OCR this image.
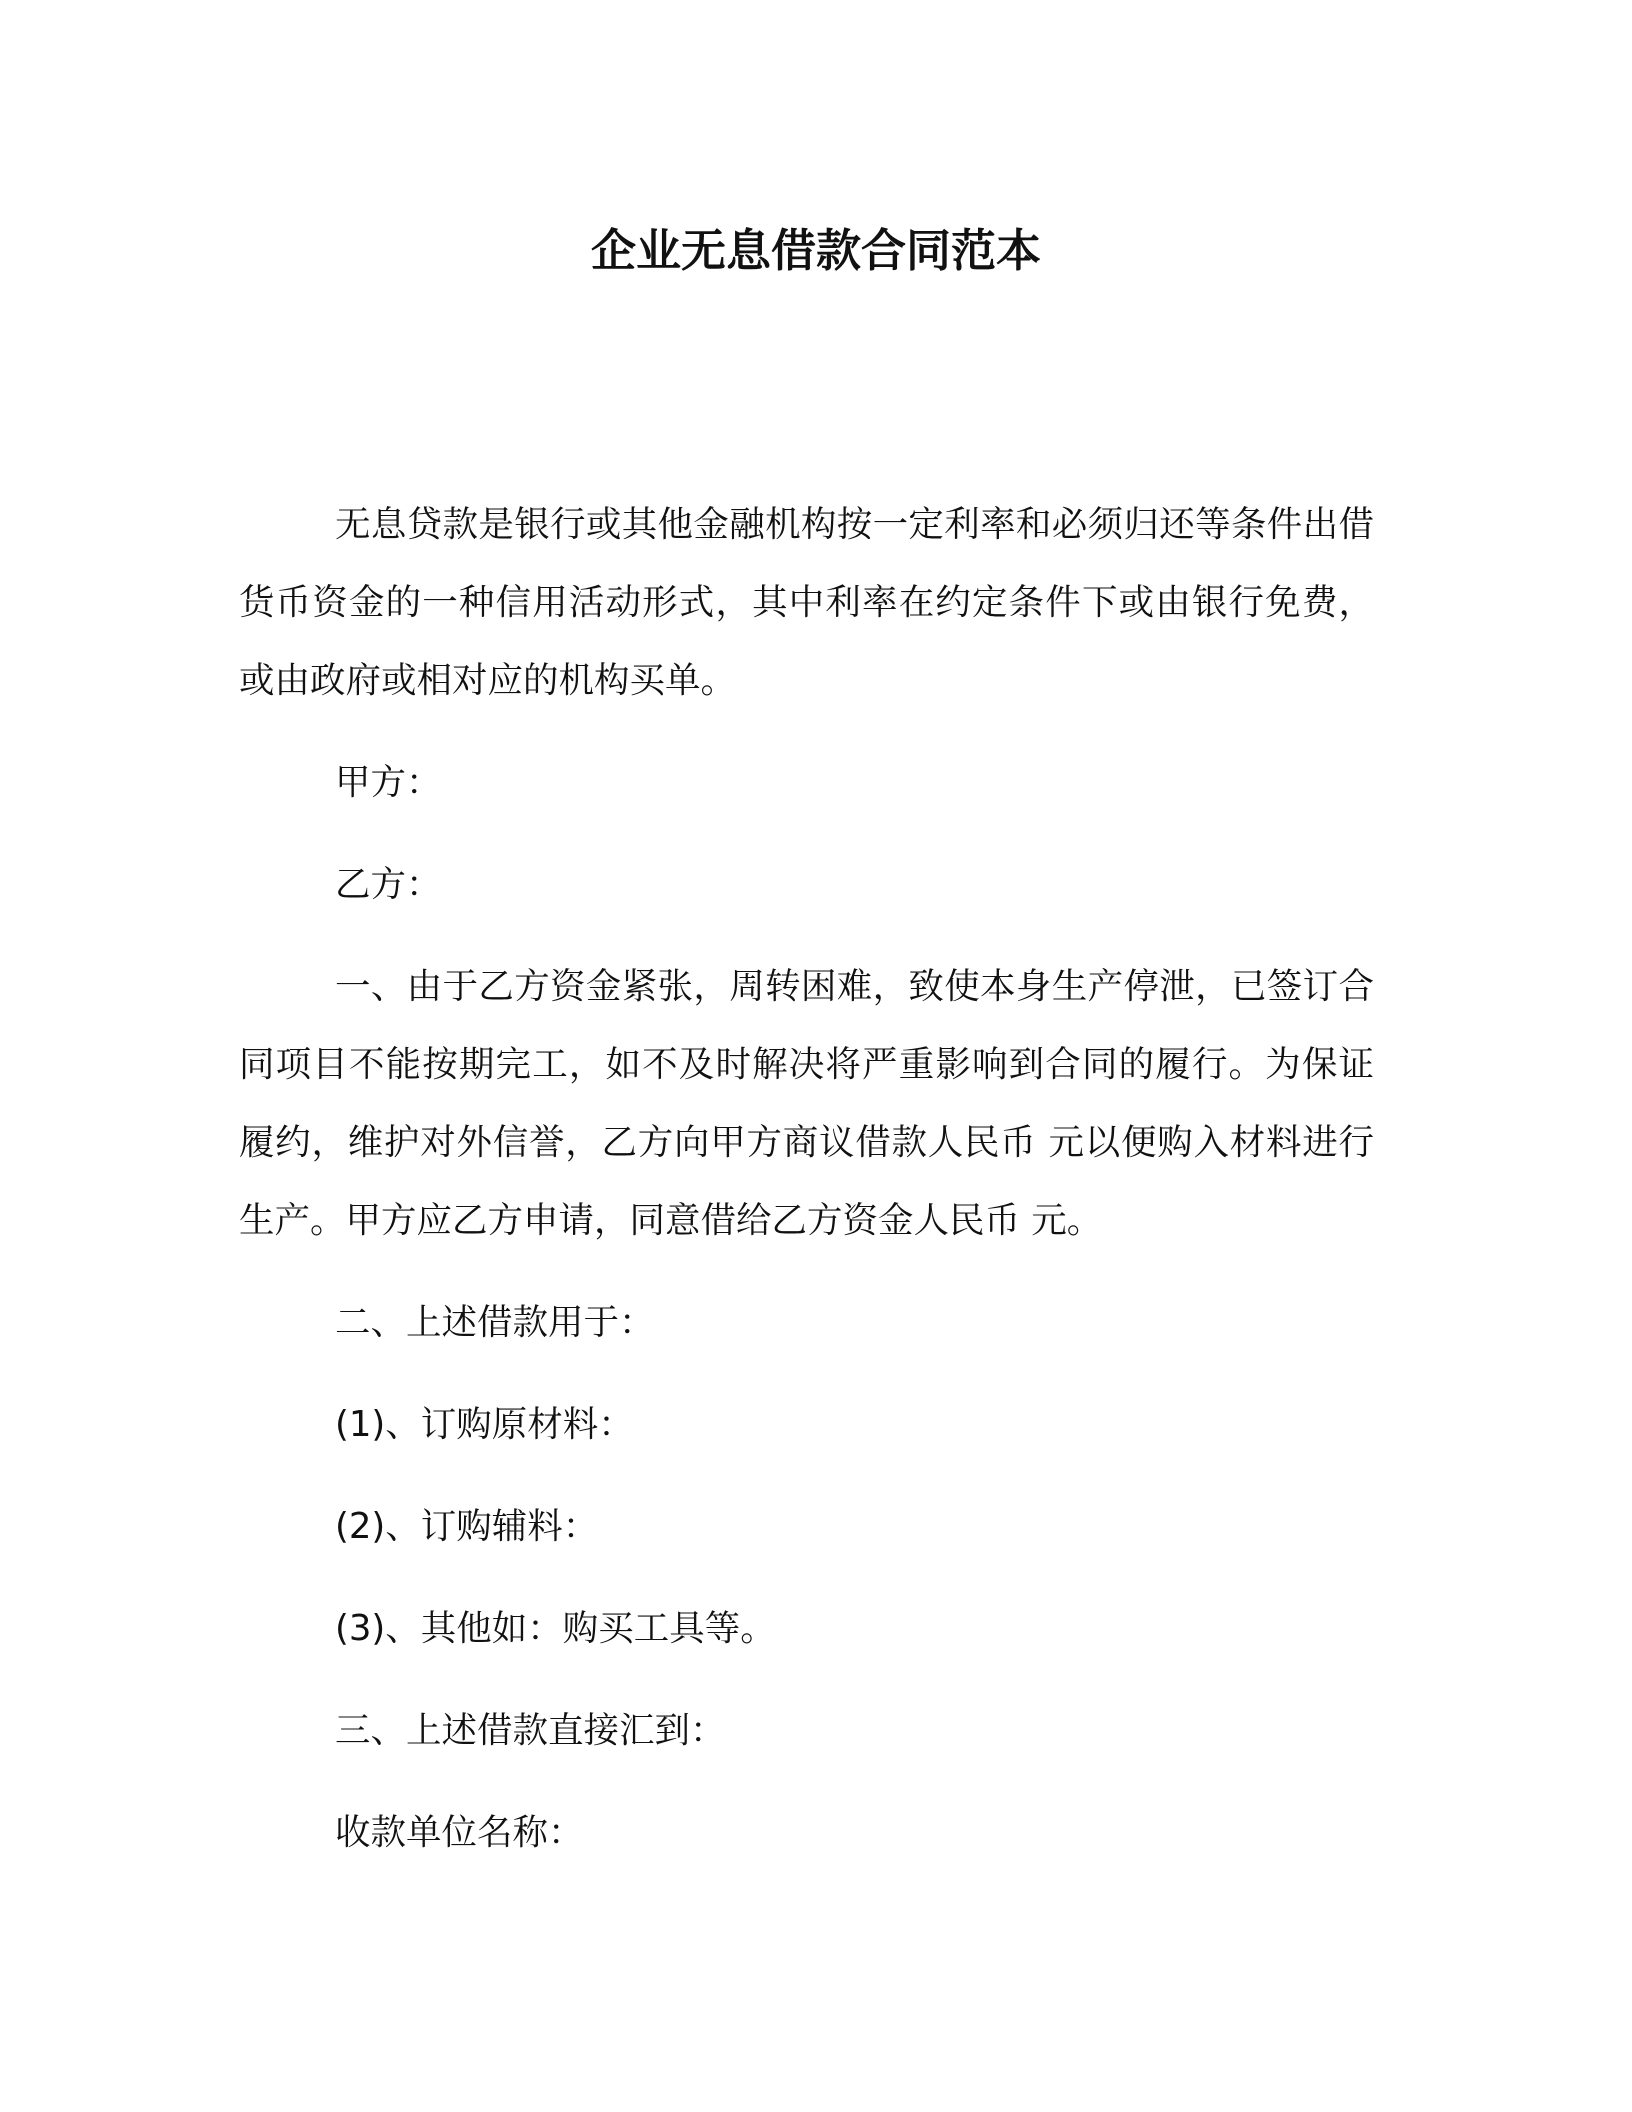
企业无息借款合同范本

无息贷款是银行或其他金融机构按一定利率和必须归还等条件出借货币资金的一种信用活动形式，其中利率在约定条件下或由银行免费，或由政府或相对应的机构买单。

甲方：

乙方：

一、由于乙方资金紧张，周转困难，致使本身生产停泄，已签订合同项目不能按期完工，如不及时解决将严重影响到合同的履行。为保证履约，维护对外信誉，乙方向甲方商议借款人民币 元以便购入材料进行生产。甲方应乙方申请，同意借给乙方资金人民币 元。

二、上述借款用于：

(1)、订购原材料：

(2)、订购辅料：

(3)、其他如：购买工具等。

三、上述借款直接汇到：

收款单位名称：
